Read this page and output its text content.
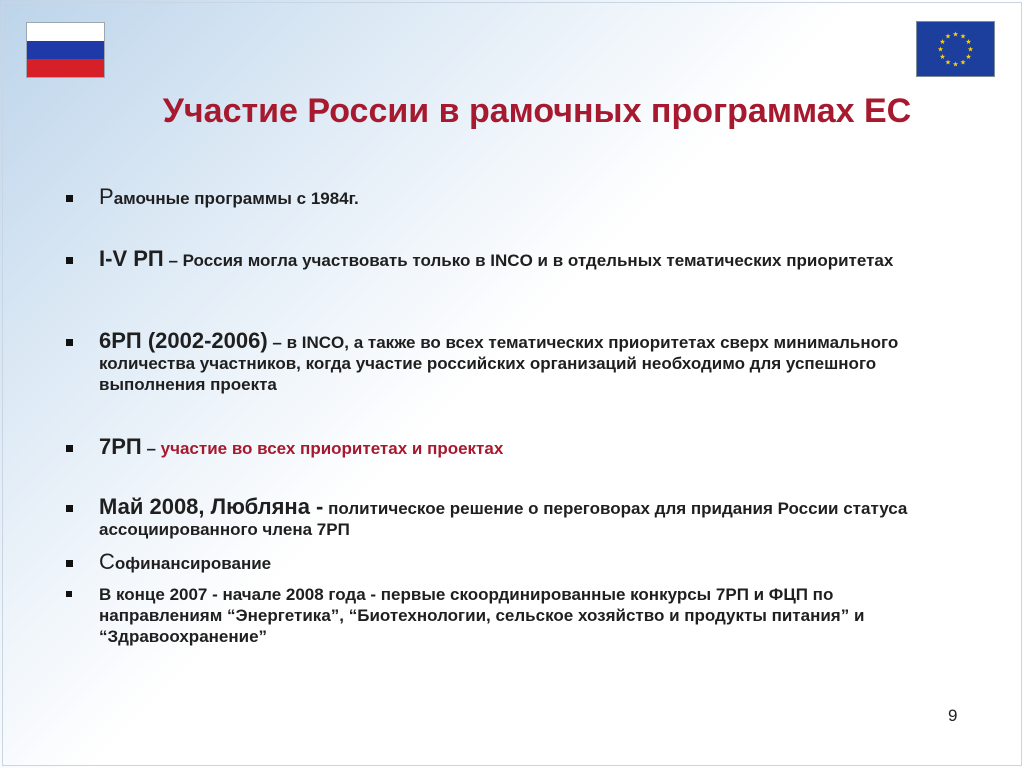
★ ★
★
★
★
★
★
★
★
★
★
★
Участие России в рамочных программах ЕС
Рамочные программы с 1984г.
I-V РП – Россия могла участвовать только в INCO и в отдельных тематических приоритетах
6РП (2002-2006) – в INCO, а также во всех тематических приоритетах сверх минимального количества участников, когда участие российских организаций необходимо для успешного выполнения проекта
7РП – участие во всех приоритетах и проектах
Май 2008, Любляна - политическое решение о переговорах для придания России статуса ассоциированного члена 7РП
Софинансирование
В конце 2007 - начале 2008 года - первые скоординированные конкурсы 7РП и ФЦП по направлениям “Энергетика”, “Биотехнологии, сельское хозяйство и продукты питания” и “Здравоохранение”
9
